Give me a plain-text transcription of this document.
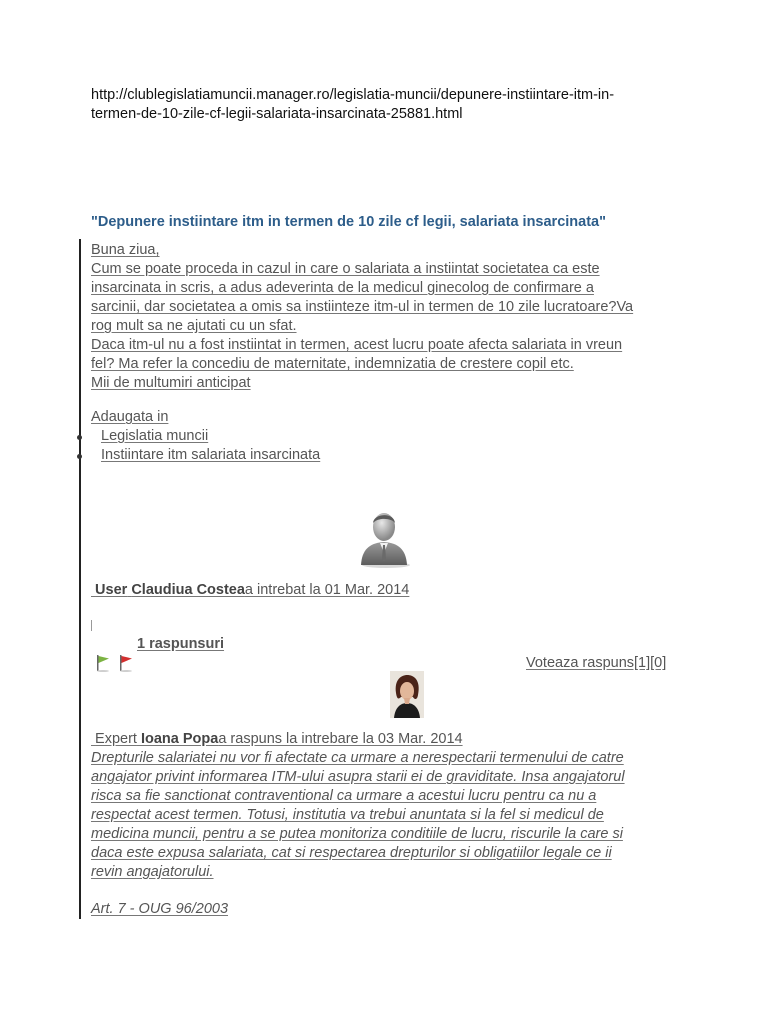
http://clublegislatiamuncii.manager.ro/legislatia-muncii/depunere-instiintare-itm-in-
termen-de-10-zile-cf-legii-salariata-insarcinata-25881.html
"Depunere instiintare itm in termen de 10 zile cf legii, salariata insarcinata"
Buna ziua,
Cum se poate proceda in cazul in care o salariata a instiintat societatea ca este
insarcinata in scris, a adus adeverinta de la medicul ginecolog de confirmare a
sarcinii, dar societatea a omis sa instiinteze itm-ul in termen de 10 zile lucratoare?Va
rog mult sa ne ajutati cu un sfat.
Daca itm-ul nu a fost instiintat in termen, acest lucru poate afecta salariata in vreun
fel? Ma refer la concediu de maternitate, indemnizatia de crestere copil etc.
Mii de multumiri anticipat
Adaugata in
Legislatia muncii
Instiintare itm salariata insarcinata
User Claudiua Costeaa intrebat la 01 Mar. 2014
1 raspunsuri
Voteaza raspuns[1][0]
Expert Ioana Popaa raspuns la intrebare la 03 Mar. 2014
Drepturile salariatei nu vor fi afectate ca urmare a nerespectarii termenului de catre
angajator privint informarea ITM-ului asupra starii ei de graviditate. Insa angajatorul
risca sa fie sanctionat contraventional ca urmare a acestui lucru pentru ca nu a
respectat acest termen. Totusi, institutia va trebui anuntata si la fel si medicul de
medicina muncii, pentru a se putea monitoriza conditiile de lucru, riscurile la care si
daca este expusa salariata, cat si respectarea drepturilor si obligatiilor legale ce ii
revin angajatorului.
Art. 7 - OUG 96/2003
